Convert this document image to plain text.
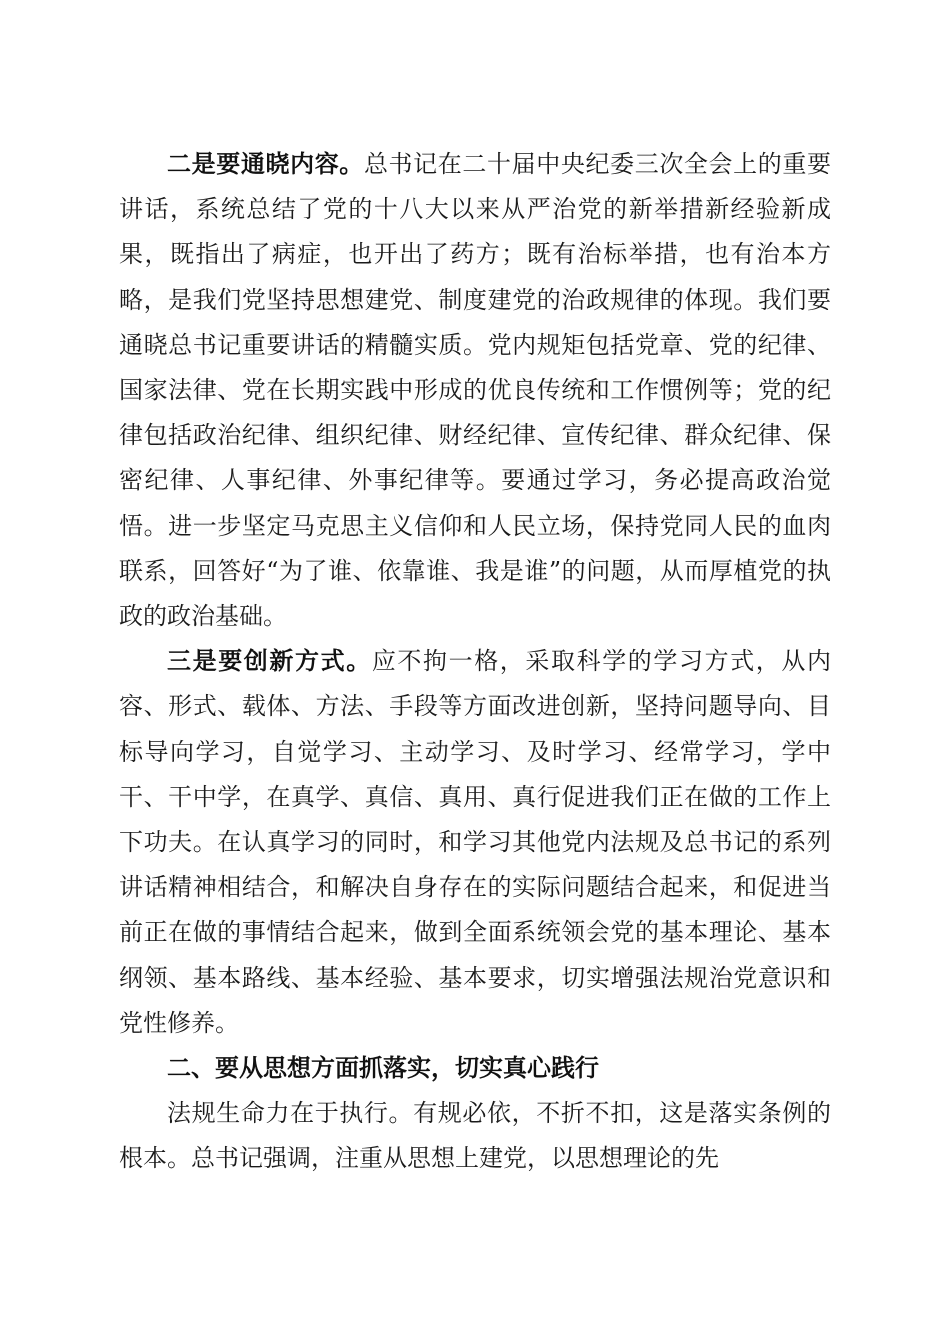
二是要通晓内容。总书记在二十届中央纪委三次全会上的重要讲话，系统总结了党的十八大以来从严治党的新举措新经验新成果，既指出了病症，也开出了药方；既有治标举措，也有治本方略，是我们党坚持思想建党、制度建党的治政规律的体现。我们要通晓总书记重要讲话的精髓实质。党内规矩包括党章、党的纪律、国家法律、党在长期实践中形成的优良传统和工作惯例等；党的纪律包括政治纪律、组织纪律、财经纪律、宣传纪律、群众纪律、保密纪律、人事纪律、外事纪律等。要通过学习，务必提高政治觉悟。进一步坚定马克思主义信仰和人民立场，保持党同人民的血肉联系，回答好“为了谁、依靠谁、我是谁”的问题，从而厚植党的执政的政治基础。

三是要创新方式。应不拘一格，采取科学的学习方式，从内容、形式、载体、方法、手段等方面改进创新，坚持问题导向、目标导向学习，自觉学习、主动学习、及时学习、经常学习，学中干、干中学，在真学、真信、真用、真行促进我们正在做的工作上下功夫。在认真学习的同时，和学习其他党内法规及总书记的系列讲话精神相结合，和解决自身存在的实际问题结合起来，和促进当前正在做的事情结合起来，做到全面系统领会党的基本理论、基本纲领、基本路线、基本经验、基本要求，切实增强法规治党意识和党性修养。

二、要从思想方面抓落实，切实真心践行

法规生命力在于执行。有规必依，不折不扣，这是落实条例的根本。总书记强调，注重从思想上建党，以思想理论的先
